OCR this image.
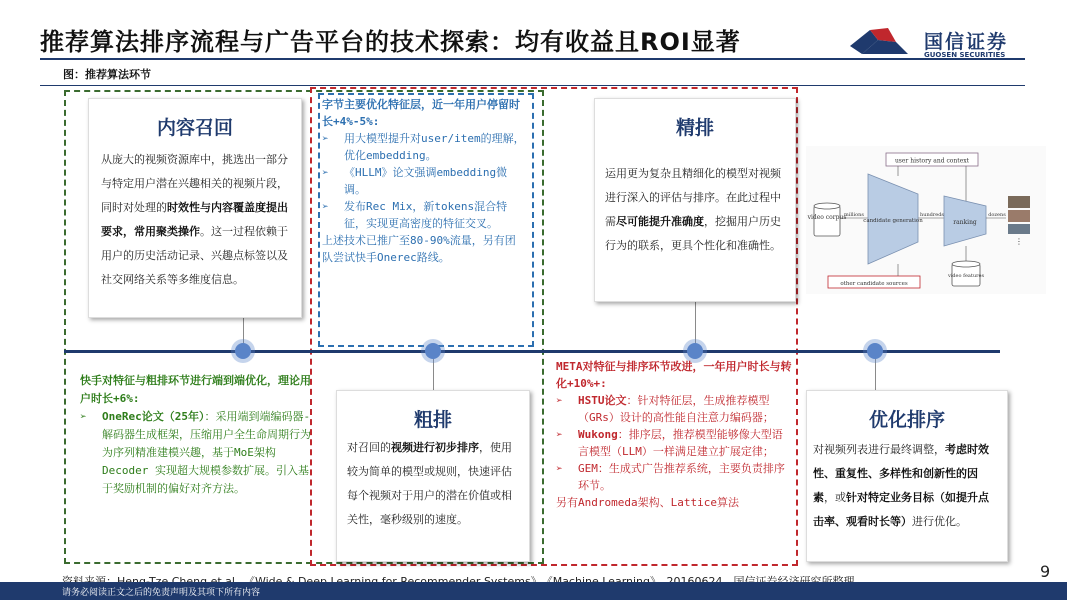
推荐算法排序流程与广告平台的技术探索：均有收益且ROI显著	国信证券
GUOSEN SECURITIES
图：推荐算法环节
内容召回

从庞大的视频资源库中，挑选出一部分与特定用户潜在兴趣相关的视频片段，同时对处理的时效性与内容覆盖度提出要求，常用聚类操作。这一过程依赖于用户的历史活动记录、兴趣点标签以及社交网络关系等多维度信息。

精排

运用更为复杂且精细化的模型对视频进行深入的评估与排序。在此过程中需尽可能提升准确度，挖掘用户历史行为的联系，更具个性化和准确性。

粗排

对召回的视频进行初步排序，使用较为简单的模型或规则，快速评估每个视频对于用户的潜在价值或相关性，毫秒级别的速度。

优化排序

对视频列表进行最终调整，考虑时效性、重复性、多样性和创新性的因素，或针对特定业务目标（如提升点击率、观看时长等）进行优化。

字节主要优化特征层，近一年用户停留时长+4%-5%:
➢ 用大模型提升对user/item的理解，优化embedding。
➢ 《HLLM》论文强调embedding微调。
➢ 发布Rec Mix，新tokens混合特征，实现更高密度的特征交叉。
上述技术已推广至80-90%流量，另有团队尝试快手Onerec路线。
快手对特征与粗排环节进行端到端优化，理论用户时长+6%:
➢ OneRec论文（25年）：采用端到端编码器-解码器生成框架，压缩用户全生命周期行为为序列精准建模兴趣，基于MoE架构Decoder 实现超大规模参数扩展。引入基于奖励机制的偏好对齐方法。
META对特征与排序环节改进，一年用户时长与转化+10%+:
➢ HSTU论文：针对特征层，生成推荐模型（GRs）设计的高性能自注意力编码器；
➢ Wukong：排序层，推荐模型能够像大型语言模型（LLM）一样满足建立扩展定律；
➢ GEM：生成式广告推荐系统，主要负责排序环节。
另有Andromeda架构、Lattice算法
user history and context
video corpus
millions
candidate generation
hundreds
ranking
dozens
⋮
other candidate sources
video features
9
请务必阅读正文之后的免责声明及其项下所有内容
